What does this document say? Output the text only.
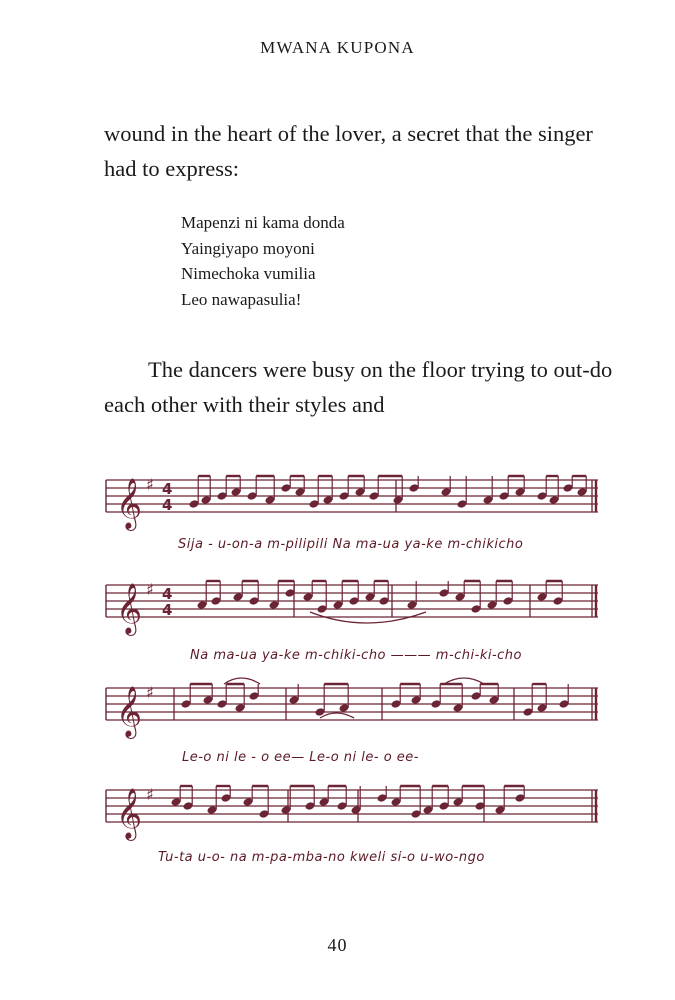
MWANA KUPONA

wound in the heart of the lover, a secret that the singer had to express:

Mapenzi ni kama donda
Yaingiyapo moyoni
Nimechoka vumilia
Leo nawapasulia!

The dancers were busy on the floor trying to out-do each other with their styles and

𝄞 ♯ 4
4
𝄞 ♯ 4
4
𝄞 ♯
𝄞 ♯
Sija - u-on-a m-pilipili Na ma-ua ya-ke m-chikicho
Na ma-ua ya-ke m-chiki-cho ——— m-chi-ki-cho
Le-o ni le - o ee— Le-o ni le- o ee-
Tu-ta u-o- na m-pa-mba-no kweli si-o u-wo-ngo
40
